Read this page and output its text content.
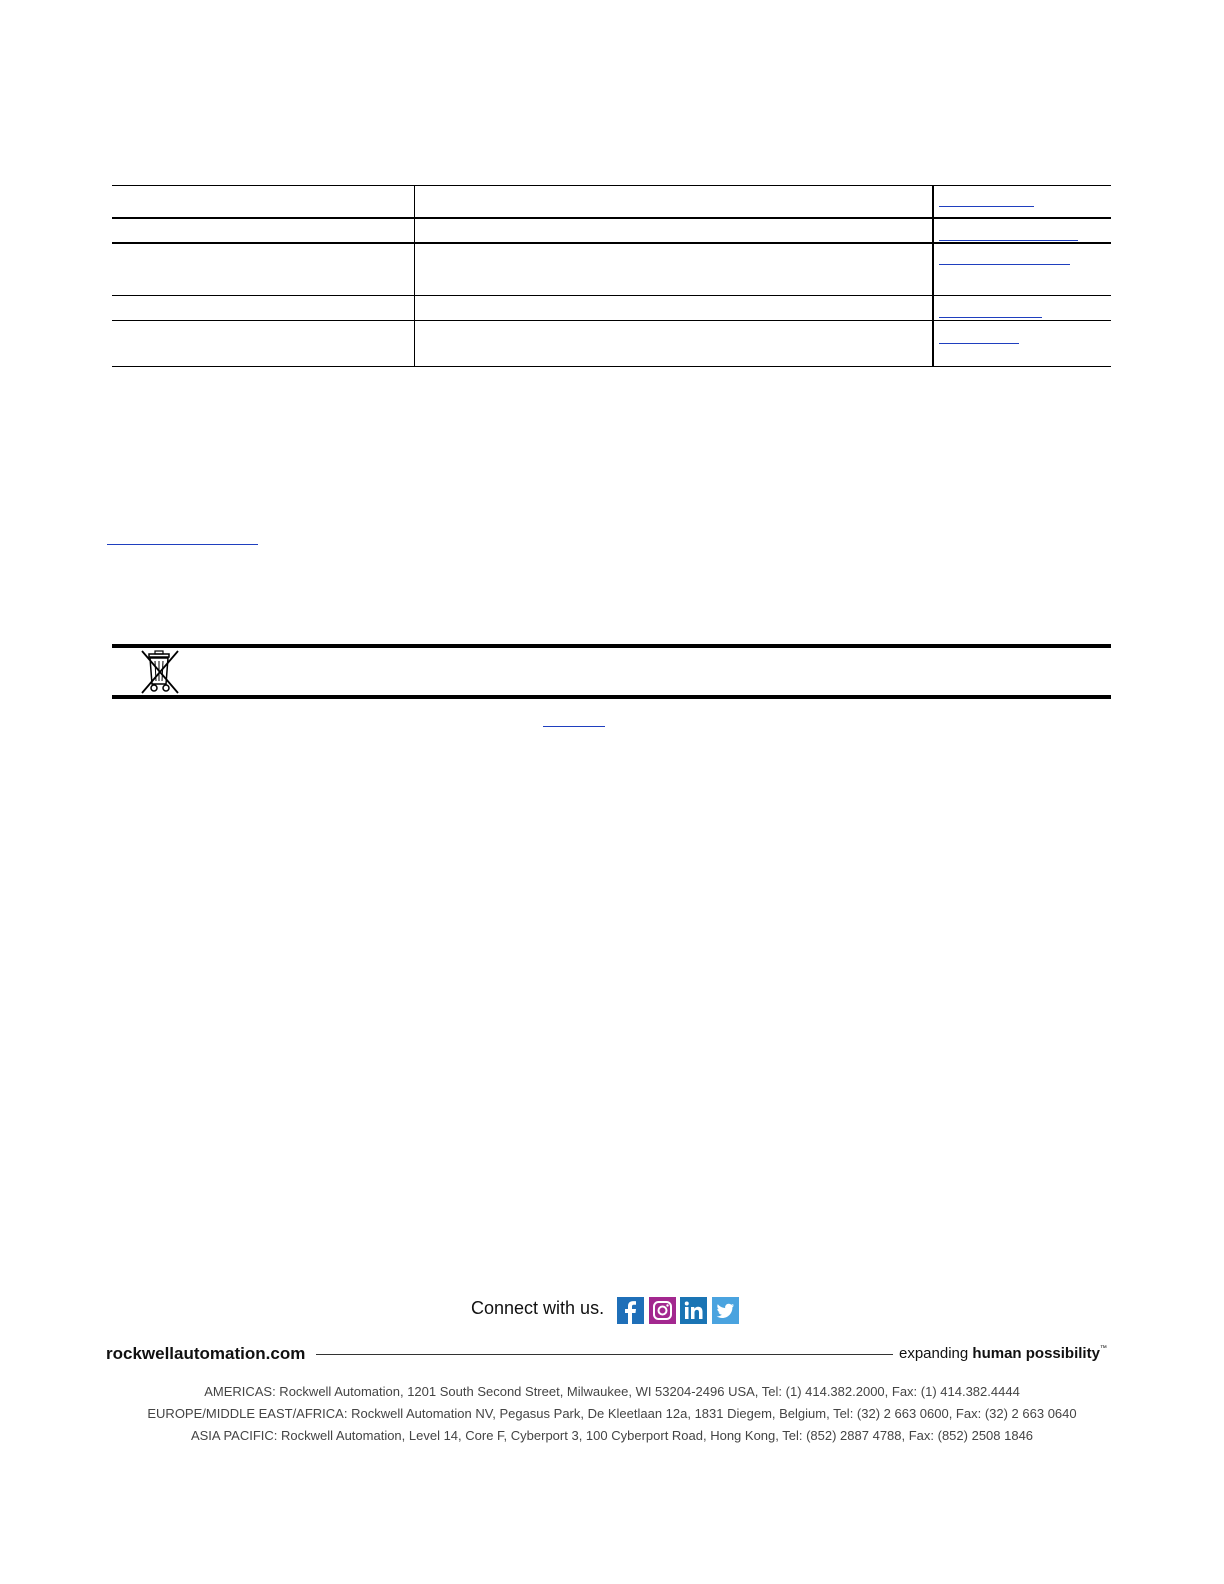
Connect with us.
rockwellautomation.com	expanding human possibility™
AMERICAS: Rockwell Automation, 1201 South Second Street, Milwaukee, WI 53204-2496 USA, Tel: (1) 414.382.2000, Fax: (1) 414.382.4444
EUROPE/MIDDLE EAST/AFRICA: Rockwell Automation NV, Pegasus Park, De Kleetlaan 12a, 1831 Diegem, Belgium, Tel: (32) 2 663 0600, Fax: (32) 2 663 0640
ASIA PACIFIC: Rockwell Automation, Level 14, Core F, Cyberport 3, 100 Cyberport Road, Hong Kong, Tel: (852) 2887 4788, Fax: (852) 2508 1846
